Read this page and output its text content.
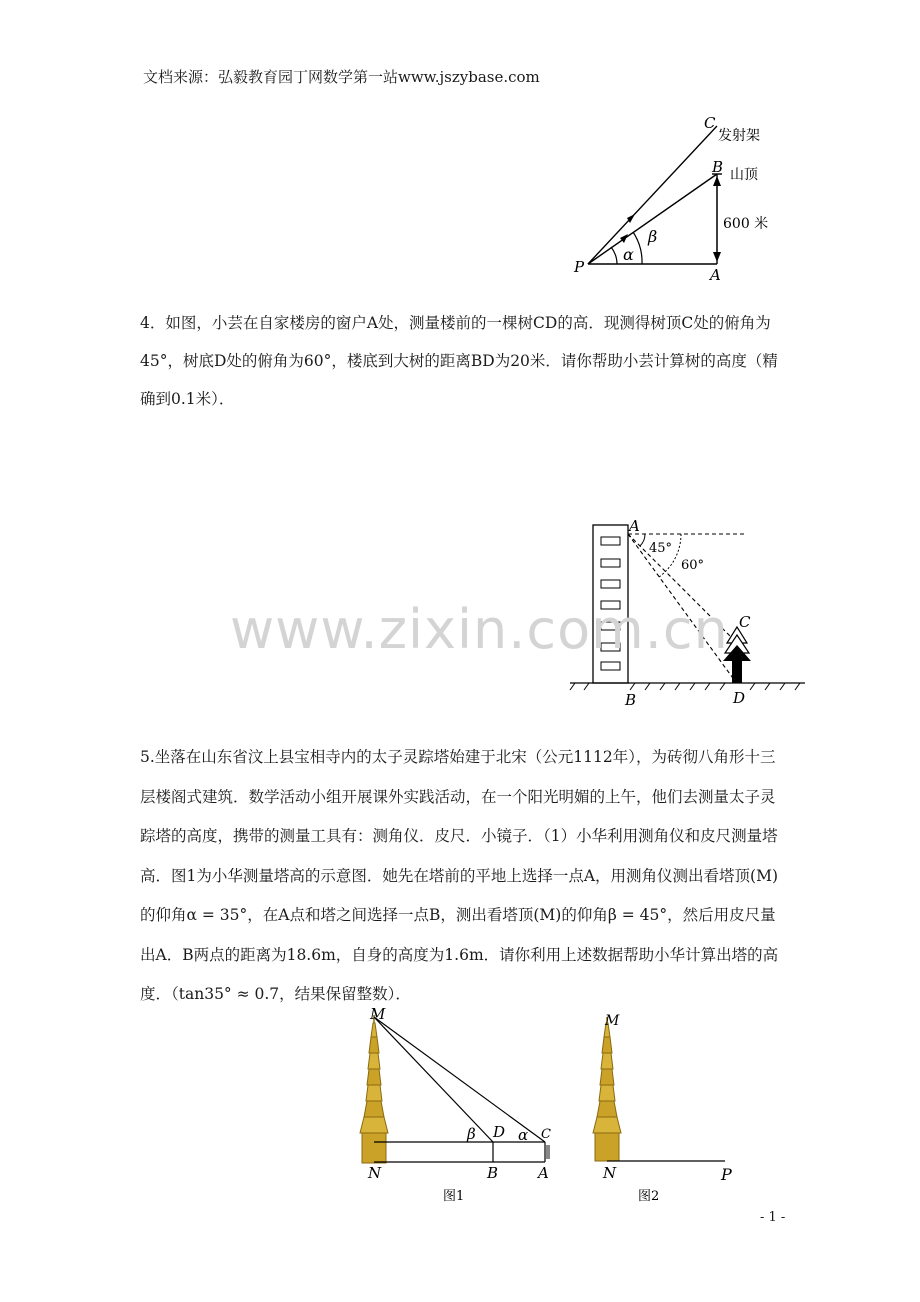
文档来源：弘毅教育园丁网数学第一站www.jszybase.com
C
发射架
B 山顶
600 米
β
α
P	A
4．如图，小芸在自家楼房的窗户A处，测量楼前的一棵树CD的高．现测得树顶C处的俯角为45°，树底D处的俯角为60°，楼底到大树的距离BD为20米．请你帮助小芸计算树的高度（精确到0.1米）．
A
45°
60°
C
B	D
www.zixin.com.cn
5.坐落在山东省汶上县宝相寺内的太子灵踪塔始建于北宋（公元1112年），为砖彻八角形十三层楼阁式建筑．数学活动小组开展课外实践活动，在一个阳光明媚的上午，他们去测量太子灵踪塔的高度，携带的测量工具有：测角仪．皮尺．小镜子．（1）小华利用测角仪和皮尺测量塔高．图1为小华测量塔高的示意图．她先在塔前的平地上选择一点A，用测角仪测出看塔顶(M)的仰角α = 35°，在A点和塔之间选择一点B，测出看塔顶(M)的仰角β = 45°，然后用皮尺量出A．B两点的距离为18.6m，自身的高度为1.6m．请你利用上述数据帮助小华计算出塔的高度．（tan35° ≈ 0.7，结果保留整数）．
M
β D α C
N	B	A
图1
M
N	P
图2
- 1 -
